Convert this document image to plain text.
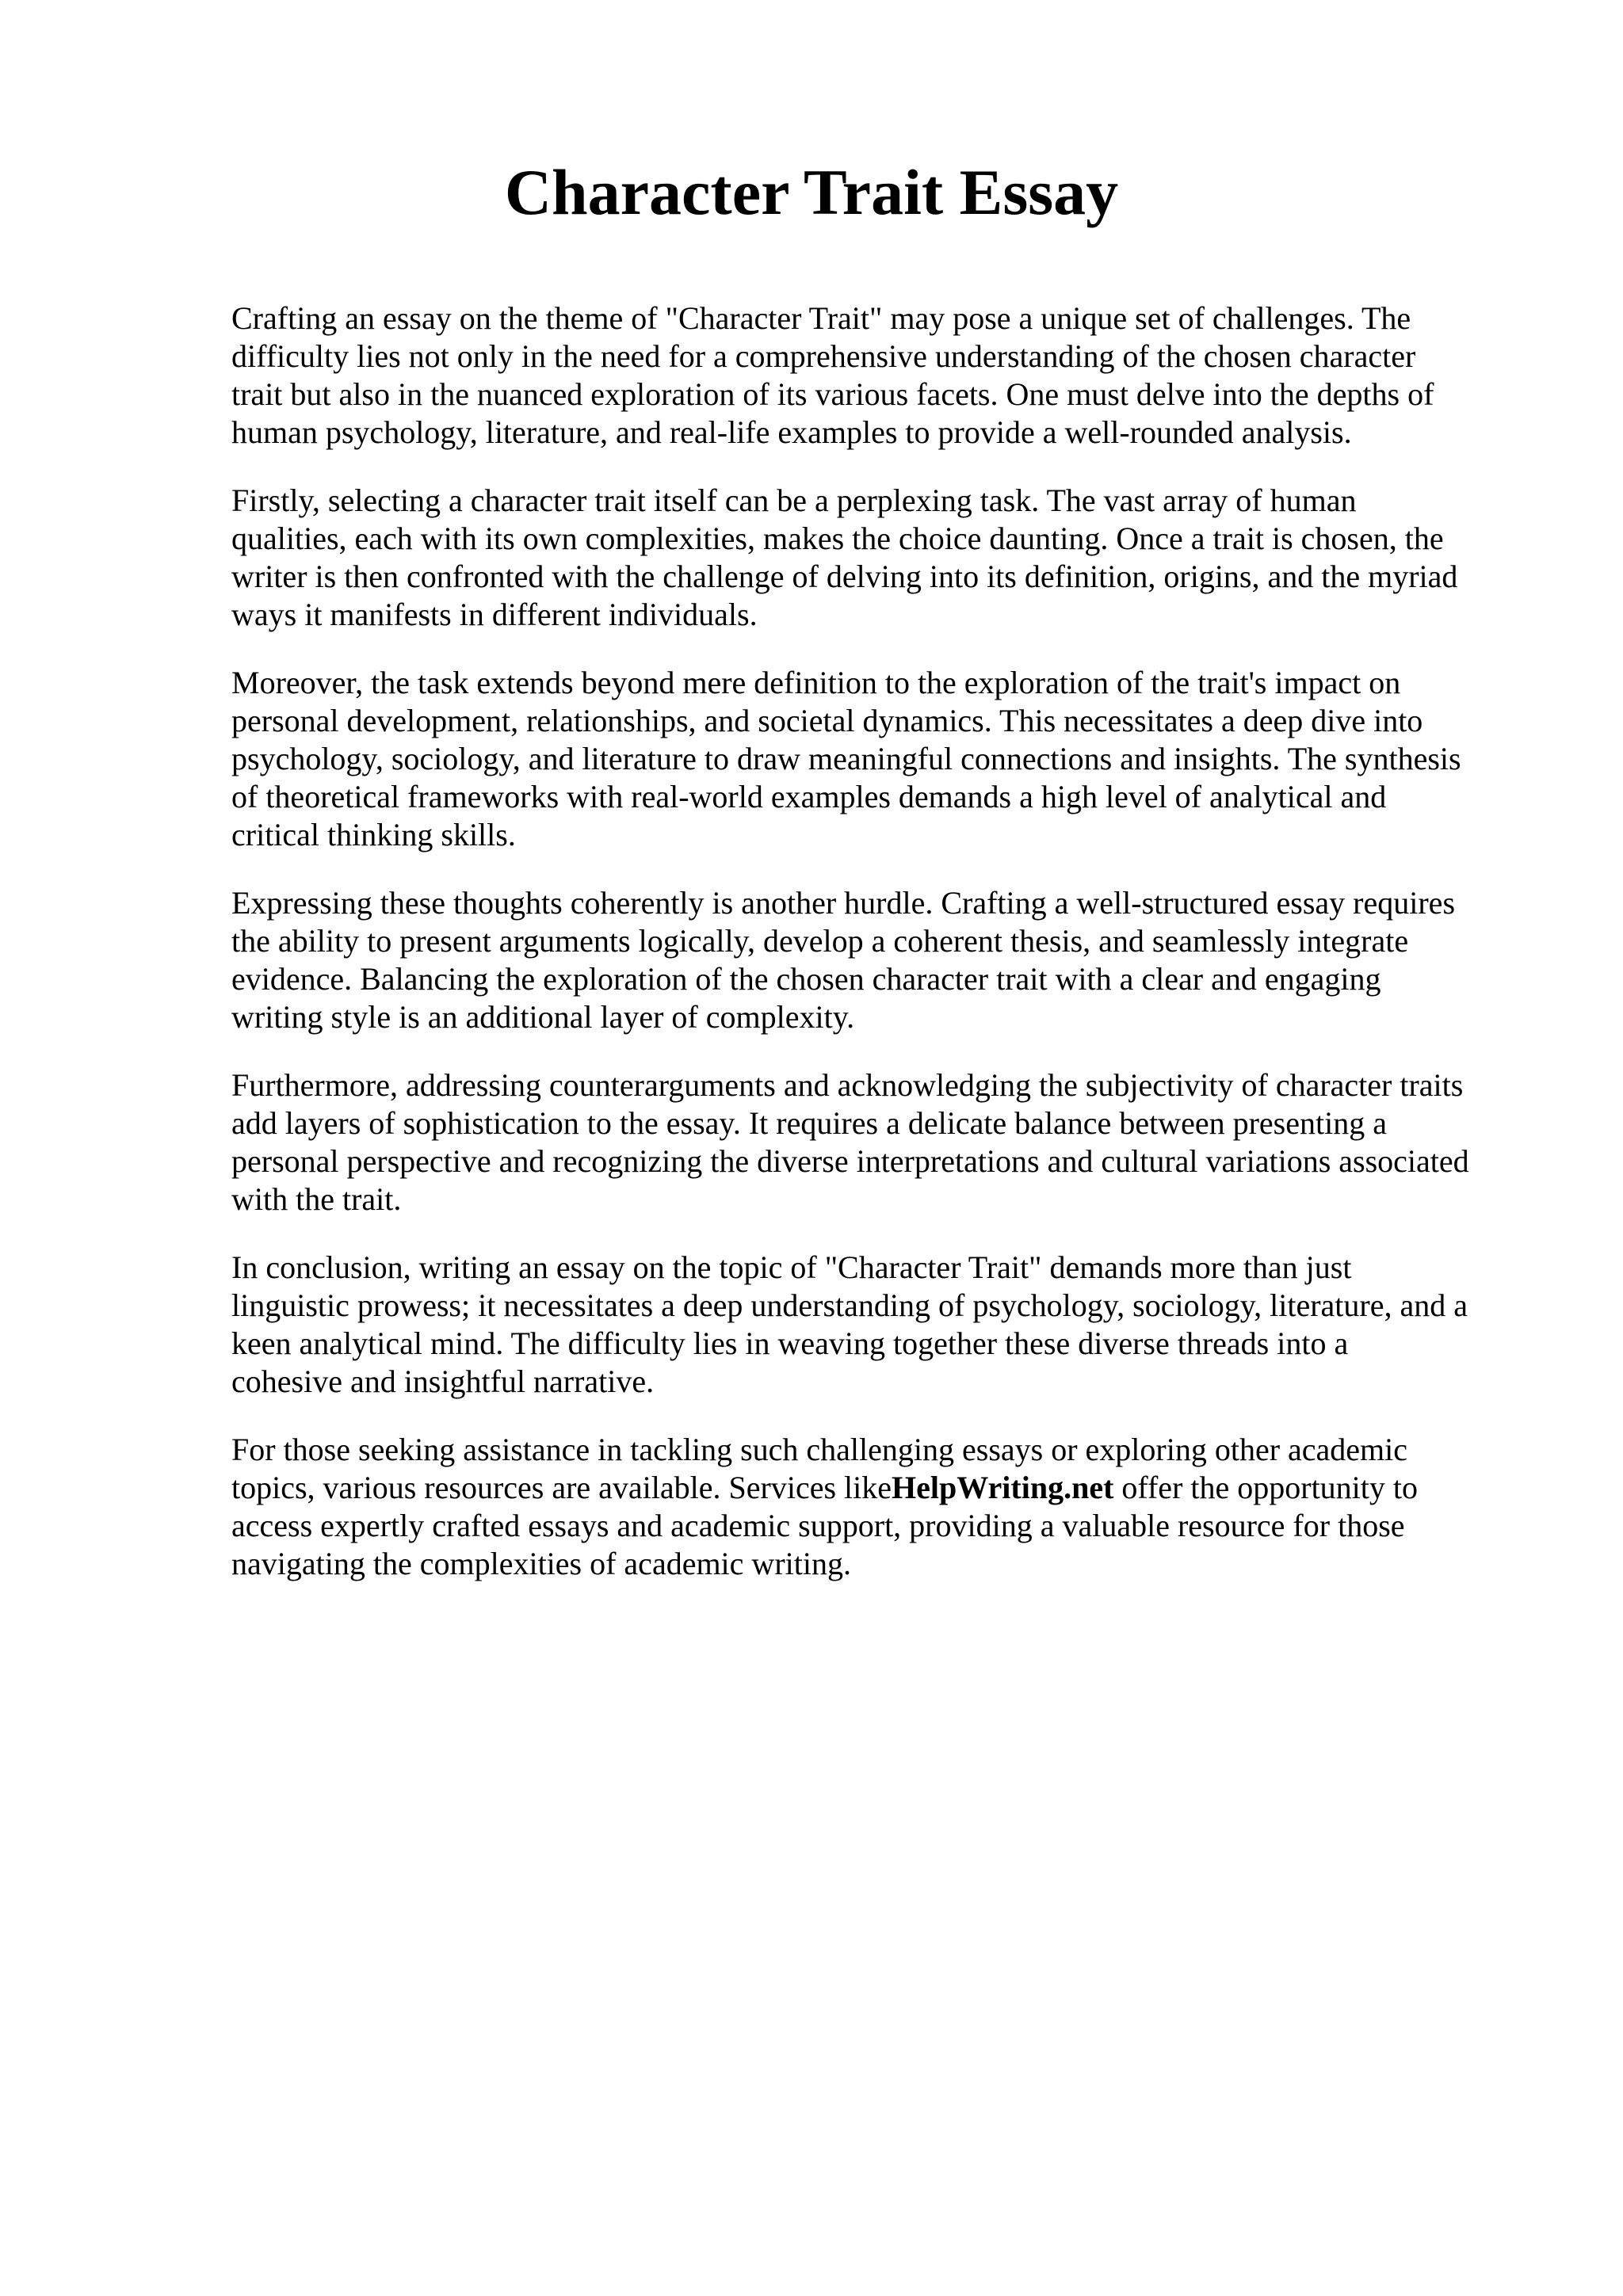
Character Trait Essay

Crafting an essay on the theme of "Character Trait" may pose a unique set of challenges. The
difficulty lies not only in the need for a comprehensive understanding of the chosen character
trait but also in the nuanced exploration of its various facets. One must delve into the depths of
human psychology, literature, and real-life examples to provide a well-rounded analysis.

Firstly, selecting a character trait itself can be a perplexing task. The vast array of human
qualities, each with its own complexities, makes the choice daunting. Once a trait is chosen, the
writer is then confronted with the challenge of delving into its definition, origins, and the myriad
ways it manifests in different individuals.

Moreover, the task extends beyond mere definition to the exploration of the trait's impact on
personal development, relationships, and societal dynamics. This necessitates a deep dive into
psychology, sociology, and literature to draw meaningful connections and insights. The synthesis
of theoretical frameworks with real-world examples demands a high level of analytical and
critical thinking skills.

Expressing these thoughts coherently is another hurdle. Crafting a well-structured essay requires
the ability to present arguments logically, develop a coherent thesis, and seamlessly integrate
evidence. Balancing the exploration of the chosen character trait with a clear and engaging
writing style is an additional layer of complexity.

Furthermore, addressing counterarguments and acknowledging the subjectivity of character traits
add layers of sophistication to the essay. It requires a delicate balance between presenting a
personal perspective and recognizing the diverse interpretations and cultural variations associated
with the trait.

In conclusion, writing an essay on the topic of "Character Trait" demands more than just
linguistic prowess; it necessitates a deep understanding of psychology, sociology, literature, and a
keen analytical mind. The difficulty lies in weaving together these diverse threads into a
cohesive and insightful narrative.

For those seeking assistance in tackling such challenging essays or exploring other academic
topics, various resources are available. Services likeHelpWriting.net offer the opportunity to
access expertly crafted essays and academic support, providing a valuable resource for those
navigating the complexities of academic writing.
